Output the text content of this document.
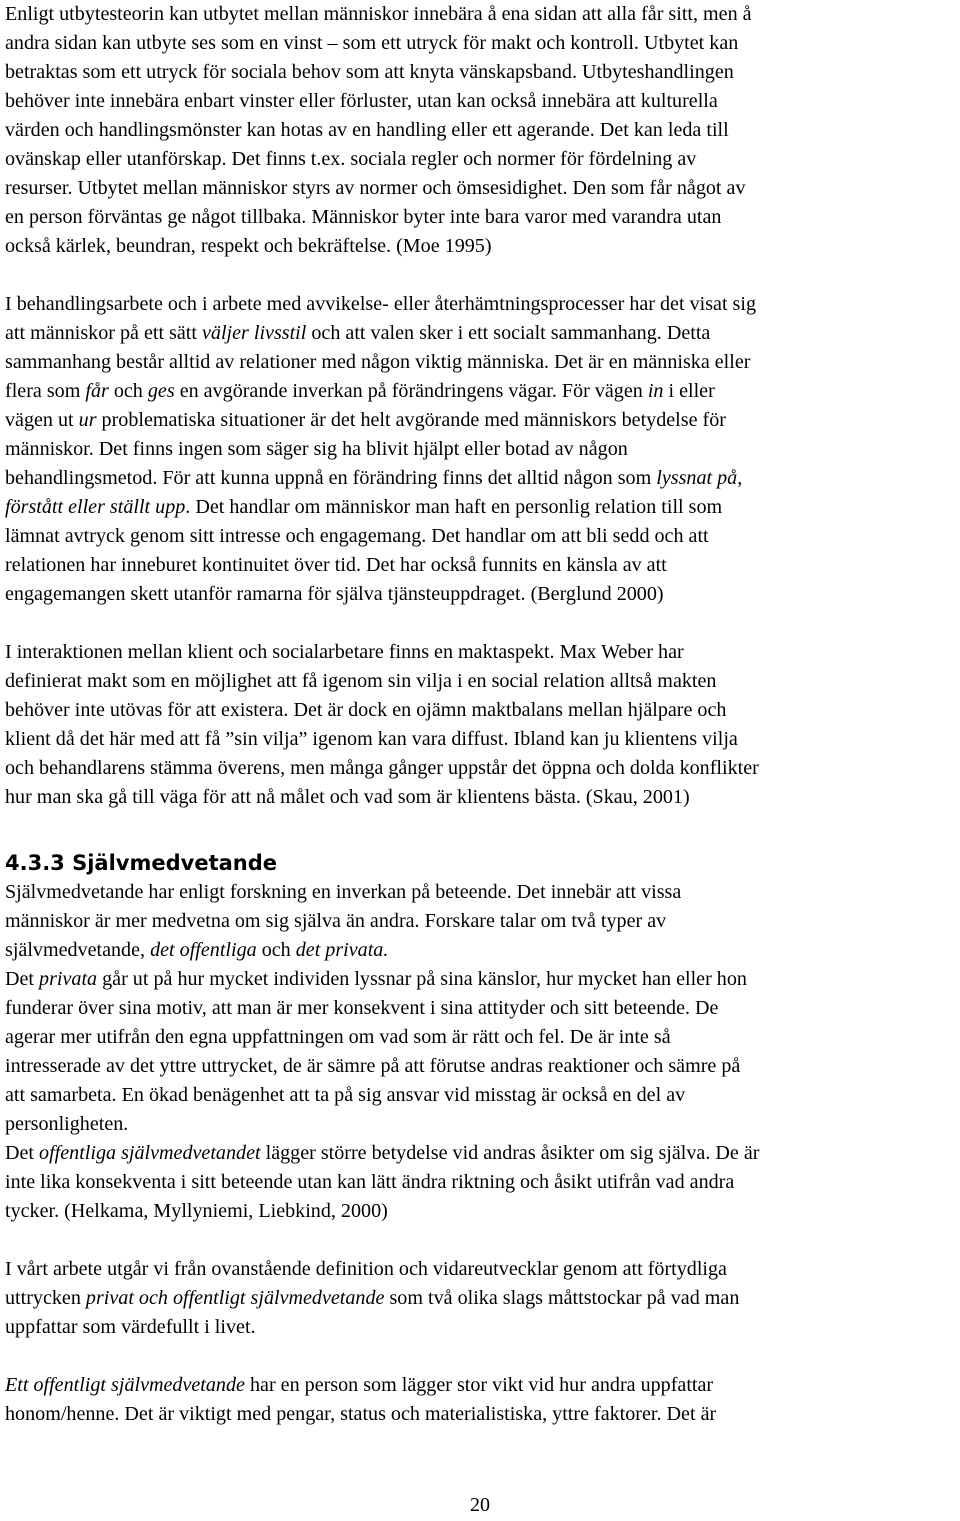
Enligt utbytesteorin kan utbytet mellan människor innebära å ena sidan att alla får sitt, men å
andra sidan kan utbyte ses som en vinst – som ett utryck för makt och kontroll. Utbytet kan
betraktas som ett utryck för sociala behov som att knyta vänskapsband. Utbyteshandlingen
behöver inte innebära enbart vinster eller förluster, utan kan också innebära att kulturella
värden och handlingsmönster kan hotas av en handling eller ett agerande. Det kan leda till
ovänskap eller utanförskap. Det finns t.ex. sociala regler och normer för fördelning av
resurser. Utbytet mellan människor styrs av normer och ömsesidighet. Den som får något av
en person förväntas ge något tillbaka. Människor byter inte bara varor med varandra utan
också kärlek, beundran, respekt och bekräftelse. (Moe 1995)

I behandlingsarbete och i arbete med avvikelse- eller återhämtningsprocesser har det visat sig
att människor på ett sätt väljer livsstil och att valen sker i ett socialt sammanhang. Detta
sammanhang består alltid av relationer med någon viktig människa. Det är en människa eller
flera som får och ges en avgörande inverkan på förändringens vägar. För vägen in i eller
vägen ut ur problematiska situationer är det helt avgörande med människors betydelse för
människor. Det finns ingen som säger sig ha blivit hjälpt eller botad av någon
behandlingsmetod. För att kunna uppnå en förändring finns det alltid någon som lyssnat på,
förstått eller ställt upp. Det handlar om människor man haft en personlig relation till som
lämnat avtryck genom sitt intresse och engagemang. Det handlar om att bli sedd och att
relationen har inneburet kontinuitet över tid. Det har också funnits en känsla av att
engagemangen skett utanför ramarna för själva tjänsteuppdraget. (Berglund 2000)

I interaktionen mellan klient och socialarbetare finns en maktaspekt. Max Weber har
definierat makt som en möjlighet att få igenom sin vilja i en social relation alltså makten
behöver inte utövas för att existera. Det är dock en ojämn maktbalans mellan hjälpare och
klient då det här med att få ”sin vilja” igenom kan vara diffust. Ibland kan ju klientens vilja
och behandlarens stämma överens, men många gånger uppstår det öppna och dolda konflikter
hur man ska gå till väga för att nå målet och vad som är klientens bästa. (Skau, 2001)

4.3.3 Självmedvetande

Självmedvetande har enligt forskning en inverkan på beteende. Det innebär att vissa
människor är mer medvetna om sig själva än andra. Forskare talar om två typer av
självmedvetande, det offentliga och det privata.

Det privata går ut på hur mycket individen lyssnar på sina känslor, hur mycket han eller hon
funderar över sina motiv, att man är mer konsekvent i sina attityder och sitt beteende. De
agerar mer utifrån den egna uppfattningen om vad som är rätt och fel. De är inte så
intresserade av det yttre uttrycket, de är sämre på att förutse andras reaktioner och sämre på
att samarbeta. En ökad benägenhet att ta på sig ansvar vid misstag är också en del av
personligheten.

Det offentliga självmedvetandet lägger större betydelse vid andras åsikter om sig själva. De är
inte lika konsekventa i sitt beteende utan kan lätt ändra riktning och åsikt utifrån vad andra
tycker. (Helkama, Myllyniemi, Liebkind, 2000)

I vårt arbete utgår vi från ovanstående definition och vidareutvecklar genom att förtydliga
uttrycken privat och offentligt självmedvetande som två olika slags måttstockar på vad man
uppfattar som värdefullt i livet.

Ett offentligt självmedvetande har en person som lägger stor vikt vid hur andra uppfattar
honom/henne. Det är viktigt med pengar, status och materialistiska, yttre faktorer. Det är

20
